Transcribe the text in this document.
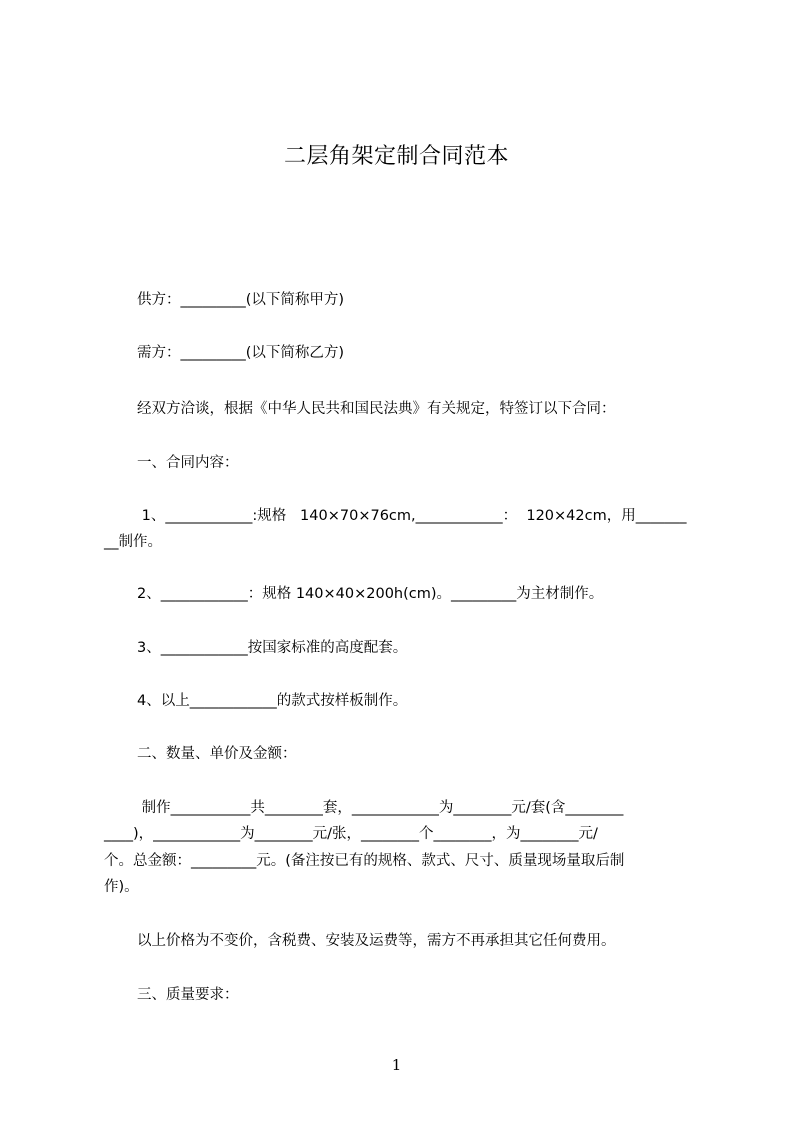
二层角架定制合同范本
供方：_________(以下简称甲方)
需方：_________(以下简称乙方)
经双方洽谈，根据《中华人民共和国民法典》有关规定，特签订以下合同：
一、合同内容：
1、____________:规格   140×70×76cm,____________：  120×42cm，用_______
__制作。
2、____________：规格 140×40×200h(cm)。_________为主材制作。
3、____________按国家标准的高度配套。
4、以上____________的款式按样板制作。
二、数量、单价及金额：
制作___________共________套，____________为________元/套(含________
____)，____________为________元/张，________个________，为________元/
个。总金额：_________元。(备注按已有的规格、款式、尺寸、质量现场量取后制
作)。
以上价格为不变价，含税费、安装及运费等，需方不再承担其它任何费用。
三、质量要求：
1
